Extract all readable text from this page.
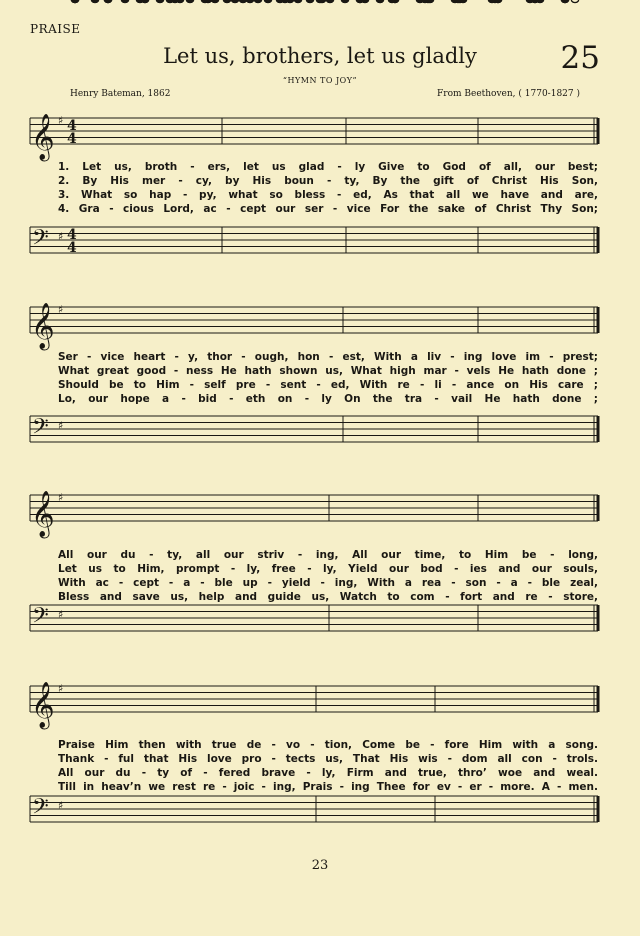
PRAISE
Let us, brothers, let us gladly	25
“HYMN TO JOY”
Henry Bateman, 1862	From Beethoven, ( 1770-1827 )
𝄞 ♯ 4
4
𝄢 ♯ 4
4
𝄞 ♯
𝄢 ♯
𝄞 ♯
𝄢 ♯
𝄞 ♯
𝄢 ♯
1. Let us, broth - ers, let us glad - ly Give to God of all, our best;
2. By His mer - cy, by His boun - ty, By the gift of Christ His Son,
3. What so hap - py, what so bless - ed, As that all we have and are,
4. Gra - cious Lord, ac - cept our ser - vice For the sake of Christ Thy Son;
Ser - vice heart - y, thor - ough, hon - est, With a liv - ing love im - prest;
What great good - ness He hath shown us, What high mar - vels He hath done ;
Should be to Him - self pre - sent - ed, With re - li - ance on His care ;
Lo, our hope a - bid - eth on - ly On the tra - vail He hath done ;
All our du - ty, all our striv - ing, All our time, to Him be - long,
Let us to Him, prompt - ly, free - ly, Yield our bod - ies and our souls,
With ac - cept - a - ble up - yield - ing, With a rea - son - a - ble zeal,
Bless and save us, help and guide us, Watch to com - fort and re - store,
Praise Him then with true de - vo - tion, Come be - fore Him with a song.
Thank - ful that His love pro - tects us, That His wis - dom all con - trols.
All our du - ty of - fered brave - ly, Firm and true, thro’ woe and weal.
Till in heav’n we rest re - joic - ing, Prais - ing Thee for ev - er - more. A - men.
23
